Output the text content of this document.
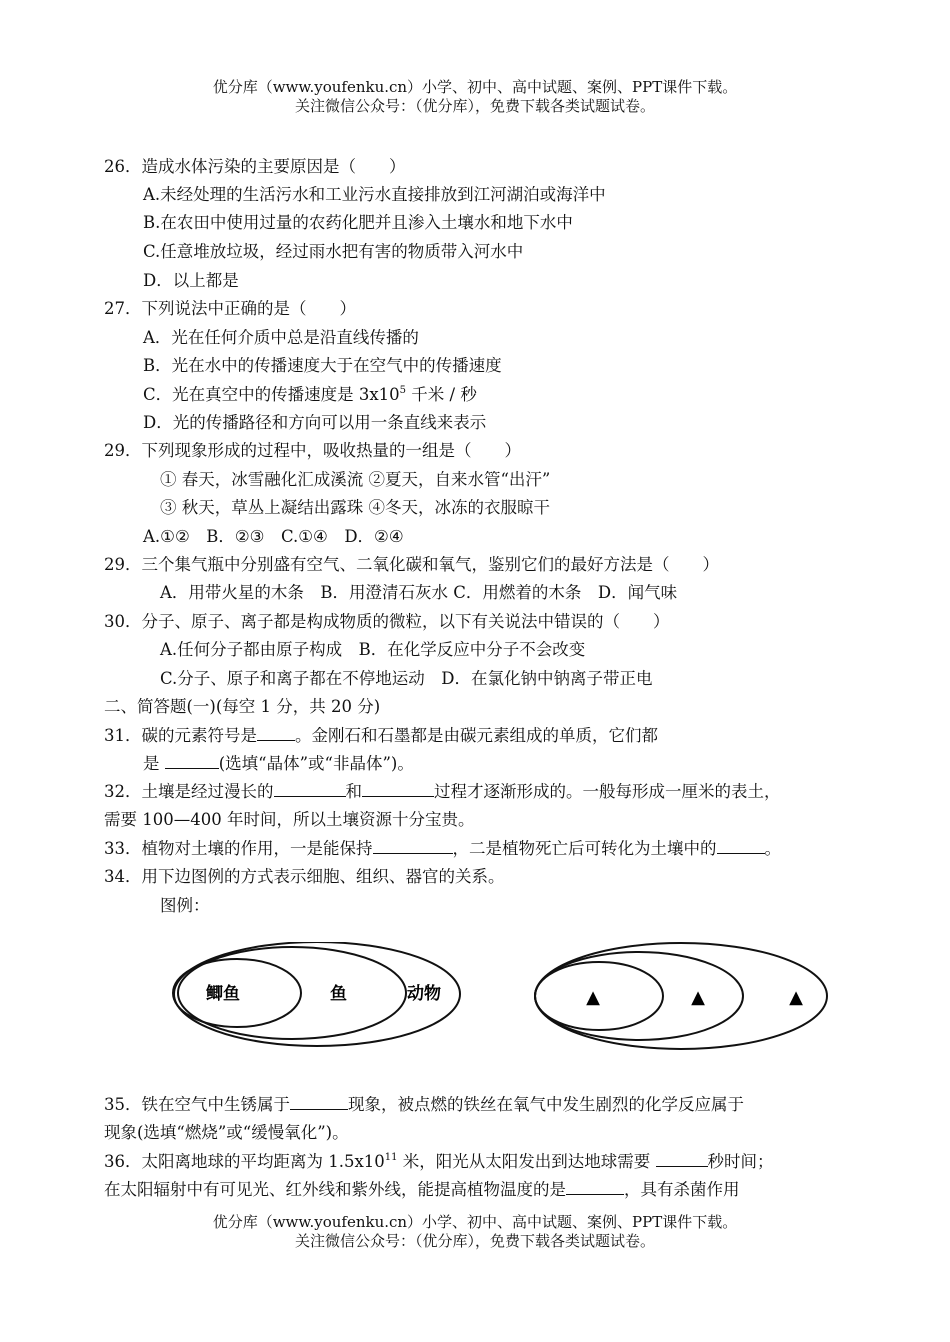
优分库（www.youfenku.cn）小学、初中、高中试题、案例、PPT课件下载。
关注微信公众号：（优分库），免费下载各类试题试卷。
26．造成水体污染的主要原因是（　　）
A.未经处理的生活污水和工业污水直接排放到江河湖泊或海洋中
B.在农田中使用过量的农药化肥并且渗入土壤水和地下水中
C.任意堆放垃圾，经过雨水把有害的物质带入河水中
D．以上都是
27．下列说法中正确的是（　　）
A．光在任何介质中总是沿直线传播的
B．光在水中的传播速度大于在空气中的传播速度
C．光在真空中的传播速度是 $3x10^5$ 千米 / 秒
D．光的传播路径和方向可以用一条直线来表示
29．下列现象形成的过程中，吸收热量的一组是（　　）
① 春天，冰雪融化汇成溪流 ②夏天，自来水管“出汗”
③ 秋天，草丛上凝结出露珠 ④冬天，冰冻的衣服晾干
A.①②　B．②③　C.①④　D．②④
29．三个集气瓶中分别盛有空气、二氧化碳和氧气，鉴别它们的最好方法是（　　）
A．用带火星的木条　B．用澄清石灰水 C．用燃着的木条　D．闻气味
30．分子、原子、离子都是构成物质的微粒，以下有关说法中错误的（　　）
A.任何分子都由原子构成　B．在化学反应中分子不会改变
C.分子、原子和离子都在不停地运动　D．在氯化钠中钠离子带正电
二、简答题(一)(每空 1 分，共 20 分)
31．碳的元素符号是 。金刚石和石墨都是由碳元素组成的单质，它们都
是	(选填“晶体”或“非晶体”)。
32．土壤是经过漫长的	和	过程才逐渐形成的。一般每形成一厘米的表土，
需要 100—400 年时间，所以土壤资源十分宝贵。
33．植物对土壤的作用，一是能保持	，二是植物死亡后可转化为土壤中的	。
34．用下边图例的方式表示细胞、组织、器官的关系。
图例：
鲫鱼	鱼	动物	▲	▲	▲
35．铁在空气中生锈属于	现象，被点燃的铁丝在氧气中发生剧烈的化学反应属于
现象(选填“燃烧”或“缓慢氧化”)。
36．太阳离地球的平均距离为 $1.5x10^{11}$ 米，阳光从太阳发出到达地球需要	秒时间；
在太阳辐射中有可见光、红外线和紫外线，能提高植物温度的是	，具有杀菌作用
优分库（www.youfenku.cn）小学、初中、高中试题、案例、PPT课件下载。
关注微信公众号：（优分库），免费下载各类试题试卷。
